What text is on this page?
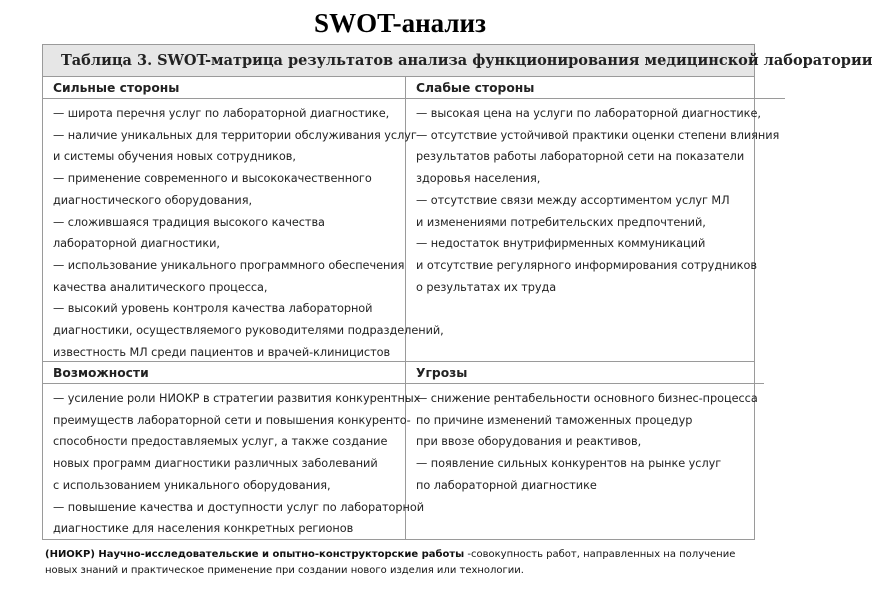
SWOT-анализ
Таблица 3. SWOT-матрица результатов анализа функционирования медицинской лаборатории
Сильные стороны
— широта перечня услуг по лабораторной диагностике,
— наличие уникальных для территории обслуживания услуг
и системы обучения новых сотрудников,
— применение современного и высококачественного
диагностического оборудования,
— сложившаяся традиция высокого качества
лабораторной диагностики,
— использование уникального программного обеспечения
качества аналитического процесса,
— высокий уровень контроля качества лабораторной
диагностики, осуществляемого руководителями подразделений,
известность МЛ среди пациентов и врачей-клиницистов
Слабые стороны
— высокая цена на услуги по лабораторной диагностике,
— отсутствие устойчивой практики оценки степени влияния
результатов работы лабораторной сети на показатели
здоровья населения,
— отсутствие связи между ассортиментом услуг МЛ
и изменениями потребительских предпочтений,
— недостаток внутрифирменных коммуникаций
и отсутствие регулярного информирования сотрудников
о результатах их труда
Возможности
— усиление роли НИОКР в стратегии развития конкурентных
преимуществ лабораторной сети и повышения конкуренто-
способности предоставляемых услуг, а также создание
новых программ диагностики различных заболеваний
с использованием уникального оборудования,
— повышение качества и доступности услуг по лабораторной
диагностике для населения конкретных регионов
Угрозы
— снижение рентабельности основного бизнес-процесса
по причине изменений таможенных процедур
при ввозе оборудования и реактивов,
— появление сильных конкурентов на рынке услуг
по лабораторной диагностике
(НИОКР) Научно-исследовательские и опытно-конструкторские работы -совокупность работ, направленных на получение новых знаний и практическое применение при создании нового изделия или технологии.
